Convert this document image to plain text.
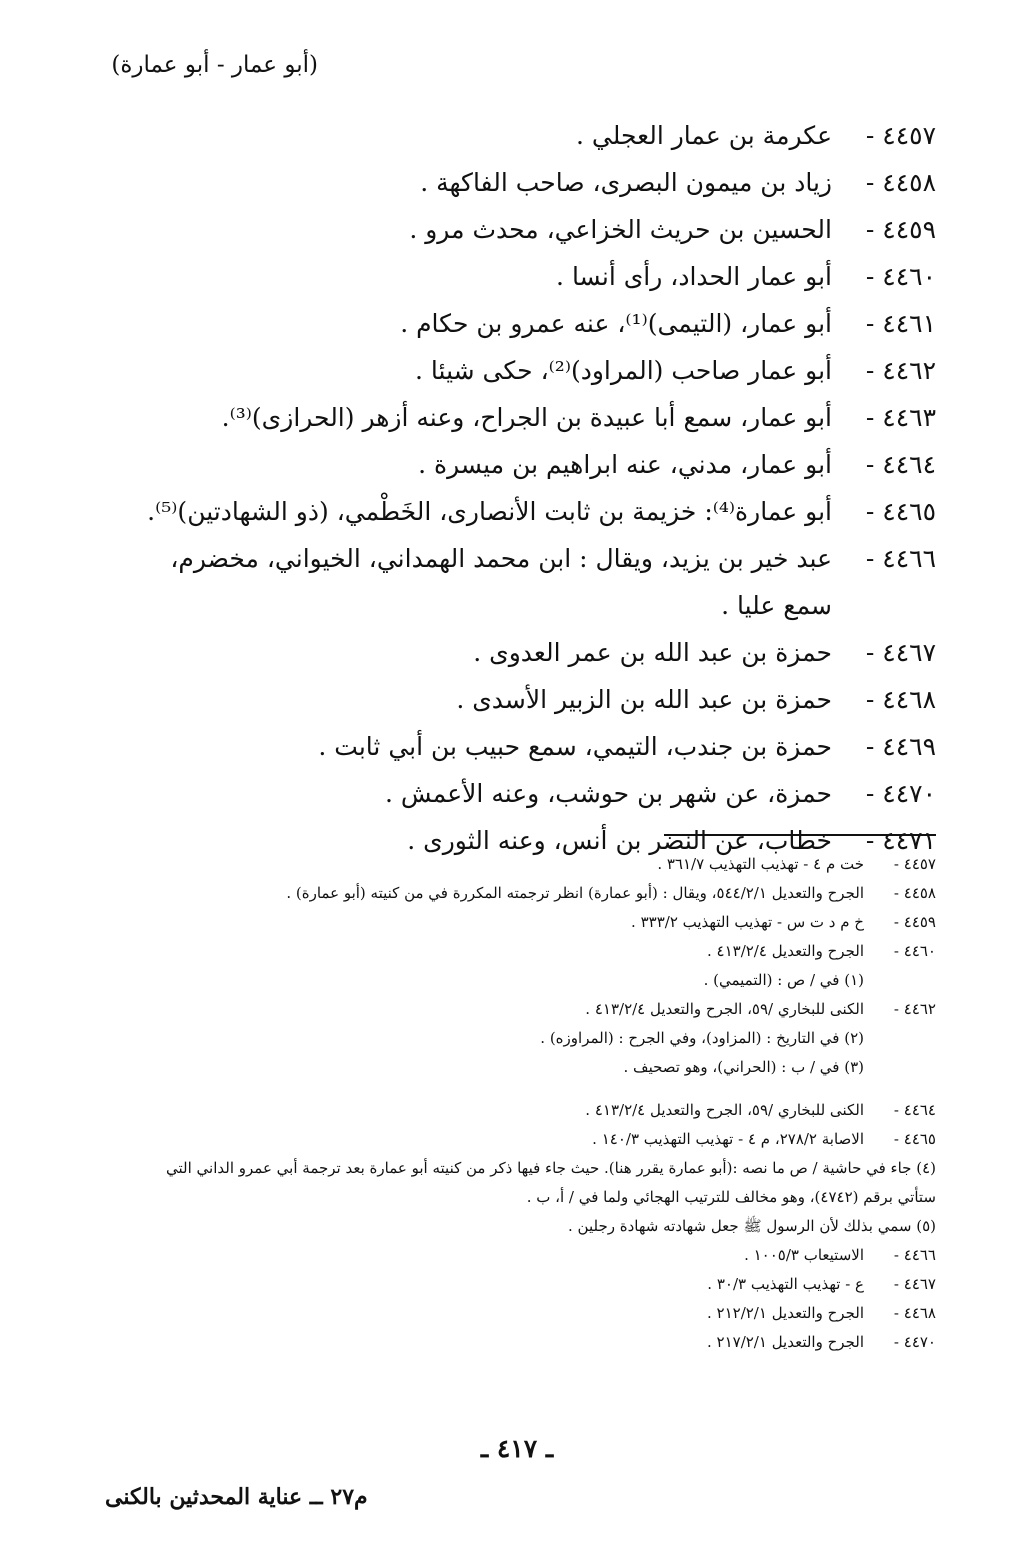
(أبو عمار - أبو عمارة)
٤٤٥٧ -
عكرمة بن عمار العجلي .
٤٤٥٨ -
زياد بن ميمون البصرى، صاحب الفاكهة .
٤٤٥٩ -
الحسين بن حريث الخزاعي، محدث مرو .
٤٤٦٠ -
أبو عمار الحداد، رأى أنسا .
٤٤٦١ -
أبو عمار، (التيمى)⁽¹⁾، عنه عمرو بن حكام .
٤٤٦٢ -
أبو عمار صاحب (المراود)⁽²⁾، حكى شيئا .
٤٤٦٣ -
أبو عمار، سمع أبا عبيدة بن الجراح، وعنه أزهر (الحرازى)⁽³⁾.
٤٤٦٤ -
أبو عمار، مدني، عنه ابراهيم بن ميسرة .
٤٤٦٥ -
أبو عمارة⁽⁴⁾: خزيمة بن ثابت الأنصارى، الخَطْمي، (ذو الشهادتين)⁽⁵⁾.
٤٤٦٦ -
عبد خير بن يزيد، ويقال : ابن محمد الهمداني، الخيواني، مخضرم، سمع عليا .
٤٤٦٧ -
حمزة بن عبد الله بن عمر العدوى .
٤٤٦٨ -
حمزة بن عبد الله بن الزبير الأسدى .
٤٤٦٩ -
حمزة بن جندب، التيمي، سمع حبيب بن أبي ثابت .
٤٤٧٠ -
حمزة، عن شهر بن حوشب، وعنه الأعمش .
٤٤٧١ -
خطاب، عن النضر بن أنس، وعنه الثورى .
٤٤٥٧ -
خت م ٤ - تهذيب التهذيب ٣٦١/٧ .
٤٤٥٨ -
الجرح والتعديل ٥٤٤/٢/١، ويقال : (أبو عمارة) انظر ترجمته المكررة في من كنيته (أبو عمارة) .
٤٤٥٩ -
خ م د ت س - تهذيب التهذيب ٣٣٣/٢ .
٤٤٦٠ -
الجرح والتعديل ٤١٣/٢/٤ .
(١) في / ص : (التميمي) .
٤٤٦٢ -
الكنى للبخاري /٥٩، الجرح والتعديل ٤١٣/٢/٤ .
(٢) في التاريخ : (المزاود)، وفي الجرح : (المراوزه) .
(٣) في / ب : (الحراني)، وهو تصحيف .
٤٤٦٤ -
الكنى للبخاري /٥٩، الجرح والتعديل ٤١٣/٢/٤ .
٤٤٦٥ -
الاصابة ٢٧٨/٢، م ٤ - تهذيب التهذيب ١٤٠/٣ .
(٤) جاء في حاشية / ص ما نصه :(أبو عمارة يقرر هنا). حيث جاء فيها ذكر من كنيته أبو عمارة بعد ترجمة أبي عمرو الداني التي ستأتي برقم (٤٧٤٢)، وهو مخالف للترتيب الهجائي ولما في / أ، ب .
(٥) سمي بذلك لأن الرسول ﷺ جعل شهادته شهادة رجلين .
٤٤٦٦ -
الاستيعاب ١٠٠٥/٣ .
٤٤٦٧ -
ع - تهذيب التهذيب ٣٠/٣ .
٤٤٦٨ -
الجرح والتعديل ٢١٢/٢/١ .
٤٤٧٠ -
الجرح والتعديل ٢١٧/٢/١ .
ـ ٤١٧ ـ
م٢٧ ــ عناية المحدثين بالكنى
